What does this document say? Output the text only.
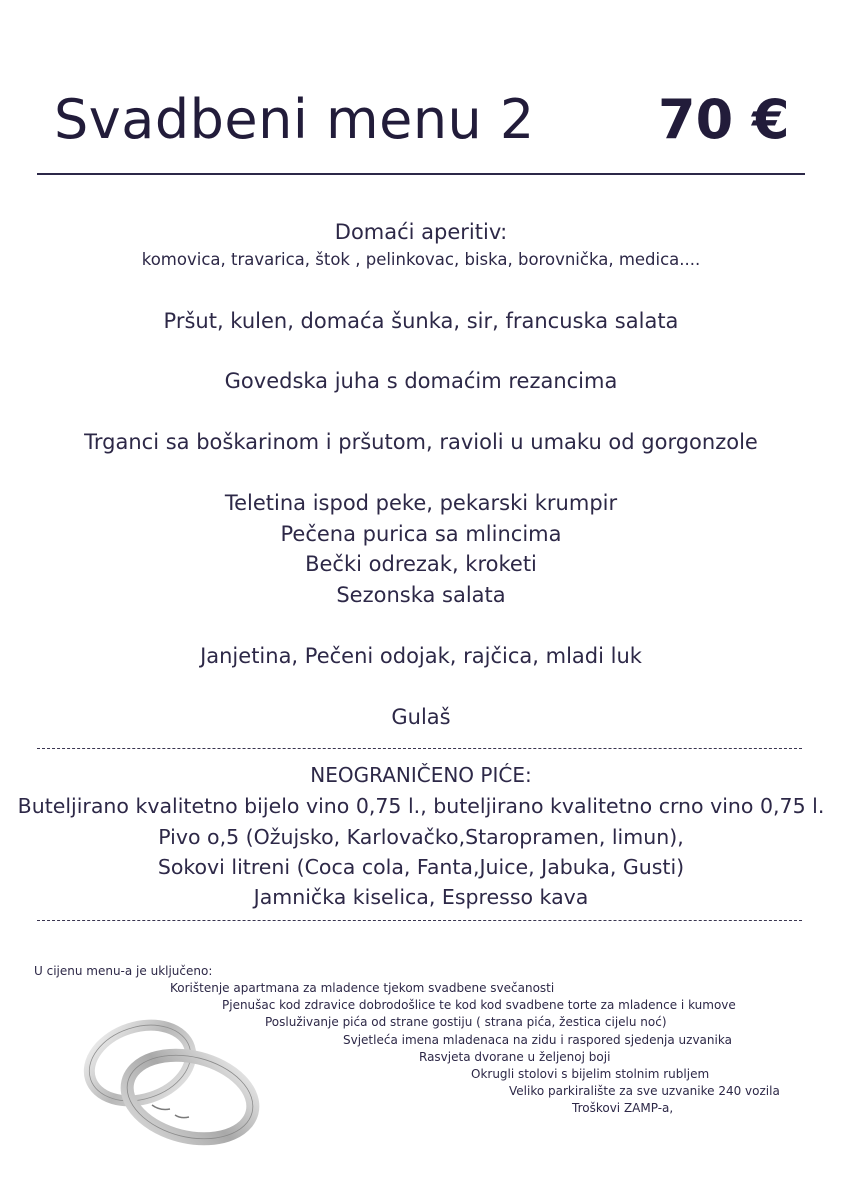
Svadbeni menu 2 70 €
Domaći aperitiv:
komovica, travarica, štok , pelinkovac, biska, borovnička, medica....
Pršut, kulen, domaća šunka, sir, francuska salata
Govedska juha s domaćim rezancima
Trganci sa boškarinom i pršutom, ravioli u umaku od gorgonzole
Teletina ispod peke, pekarski krumpir
Pečena purica sa mlincima
Bečki odrezak, kroketi
Sezonska salata
Janjetina, Pečeni odojak, rajčica, mladi luk
Gulaš
NEOGRANIČENO PIĆE:
Buteljirano kvalitetno bijelo vino 0,75 l., buteljirano kvalitetno crno vino 0,75 l.
Pivo o,5 (Ožujsko, Karlovačko,Staropramen, limun),
Sokovi litreni (Coca cola, Fanta,Juice, Jabuka, Gusti)
Jamnička kiselica, Espresso kava
U cijenu menu-a je uključeno:
Korištenje apartmana za mladence tjekom svadbene svečanosti
Pjenušac kod zdravice dobrodošlice te kod kod svadbene torte za mladence i kumove
Posluživanje pića od strane gostiju ( strana pića, žestica cijelu noć)
Svjetleća imena mladenaca na zidu i raspored sjedenja uzvanika
Rasvjeta dvorane u željenoj boji
Okrugli stolovi s bijelim stolnim rubljem
Veliko parkiralište za sve uzvanike 240 vozila
Troškovi ZAMP-a,
